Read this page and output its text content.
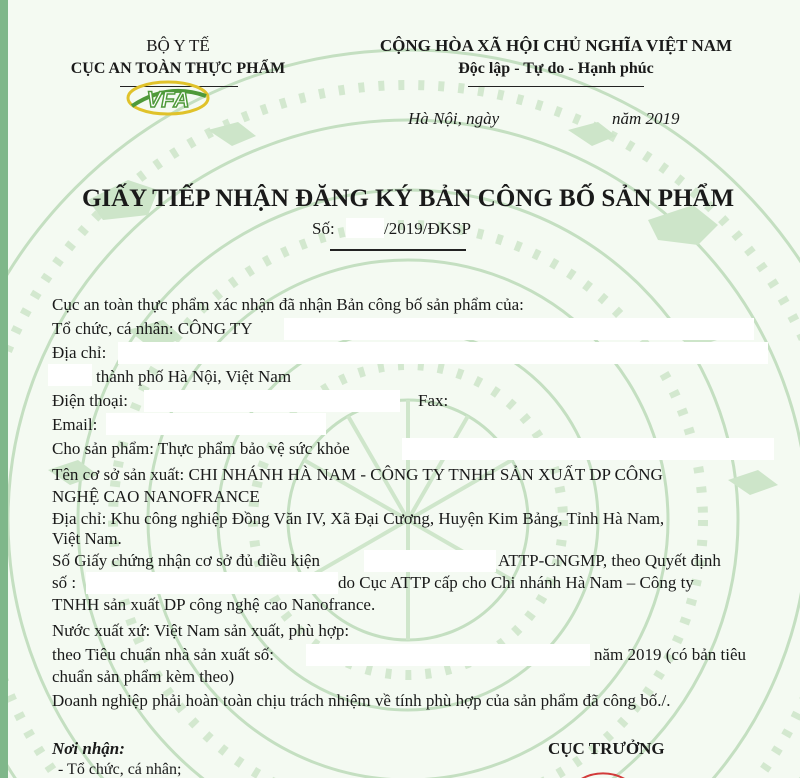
BỘ Y TẾ
CỤC AN TOÀN THỰC PHẨM
VFA
CỘNG HÒA XÃ HỘI CHỦ NGHĨA VIỆT NAM
Độc lập - Tự do - Hạnh phúc
Hà Nội, ngày	năm 2019
GIẤY TIẾP NHẬN ĐĂNG KÝ BẢN CÔNG BỐ SẢN PHẨM
Số:	/2019/ĐKSP
Cục an toàn thực phẩm xác nhận đã nhận Bản công bố sản phẩm của:
Tổ chức, cá nhân: CÔNG TY
Địa chỉ:
thành phố Hà Nội, Việt Nam
Điện thoại:	Fax:
Email:
Cho sản phẩm: Thực phẩm bảo vệ sức khỏe
Tên cơ sở sản xuất: CHI NHÁNH HÀ NAM - CÔNG TY TNHH SẢN XUẤT DP CÔNG
NGHỆ CAO NANOFRANCE
Địa chỉ: Khu công nghiệp Đồng Văn IV, Xã Đại Cương, Huyện Kim Bảng, Tỉnh Hà Nam,
Việt Nam.
Số Giấy chứng nhận cơ sở đủ điều kiện	ATTP-CNGMP, theo Quyết định
số :	do Cục ATTP cấp cho Chi nhánh Hà Nam – Công ty
TNHH sản xuất DP công nghệ cao Nanofrance.
Nước xuất xứ: Việt Nam sản xuất, phù hợp:
theo Tiêu chuẩn nhà sản xuất số:	năm 2019 (có bản tiêu
chuẩn sản phẩm kèm theo)
Doanh nghiệp phải hoàn toàn chịu trách nhiệm về tính phù hợp của sản phẩm đã công bố./.
Nơi nhận:
- Tổ chức, cá nhân;
CỤC TRƯỞNG
